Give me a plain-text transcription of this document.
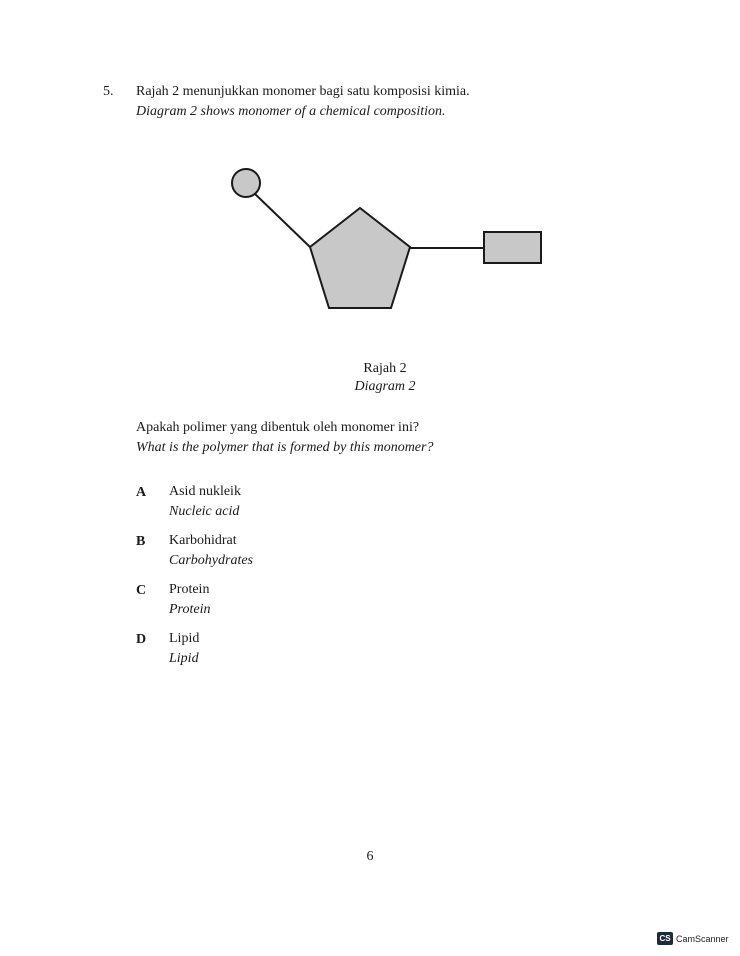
5. Rajah 2 menunjukkan monomer bagi satu komposisi kimia.
Diagram 2 shows monomer of a chemical composition.
Rajah 2
Diagram 2
Apakah polimer yang dibentuk oleh monomer ini?
What is the polymer that is formed by this monomer?
A Asid nukleik
Nucleic acid
B Karbohidrat
Carbohydrates
C Protein
Protein
D Lipid
Lipid
6
CS CamScanner
